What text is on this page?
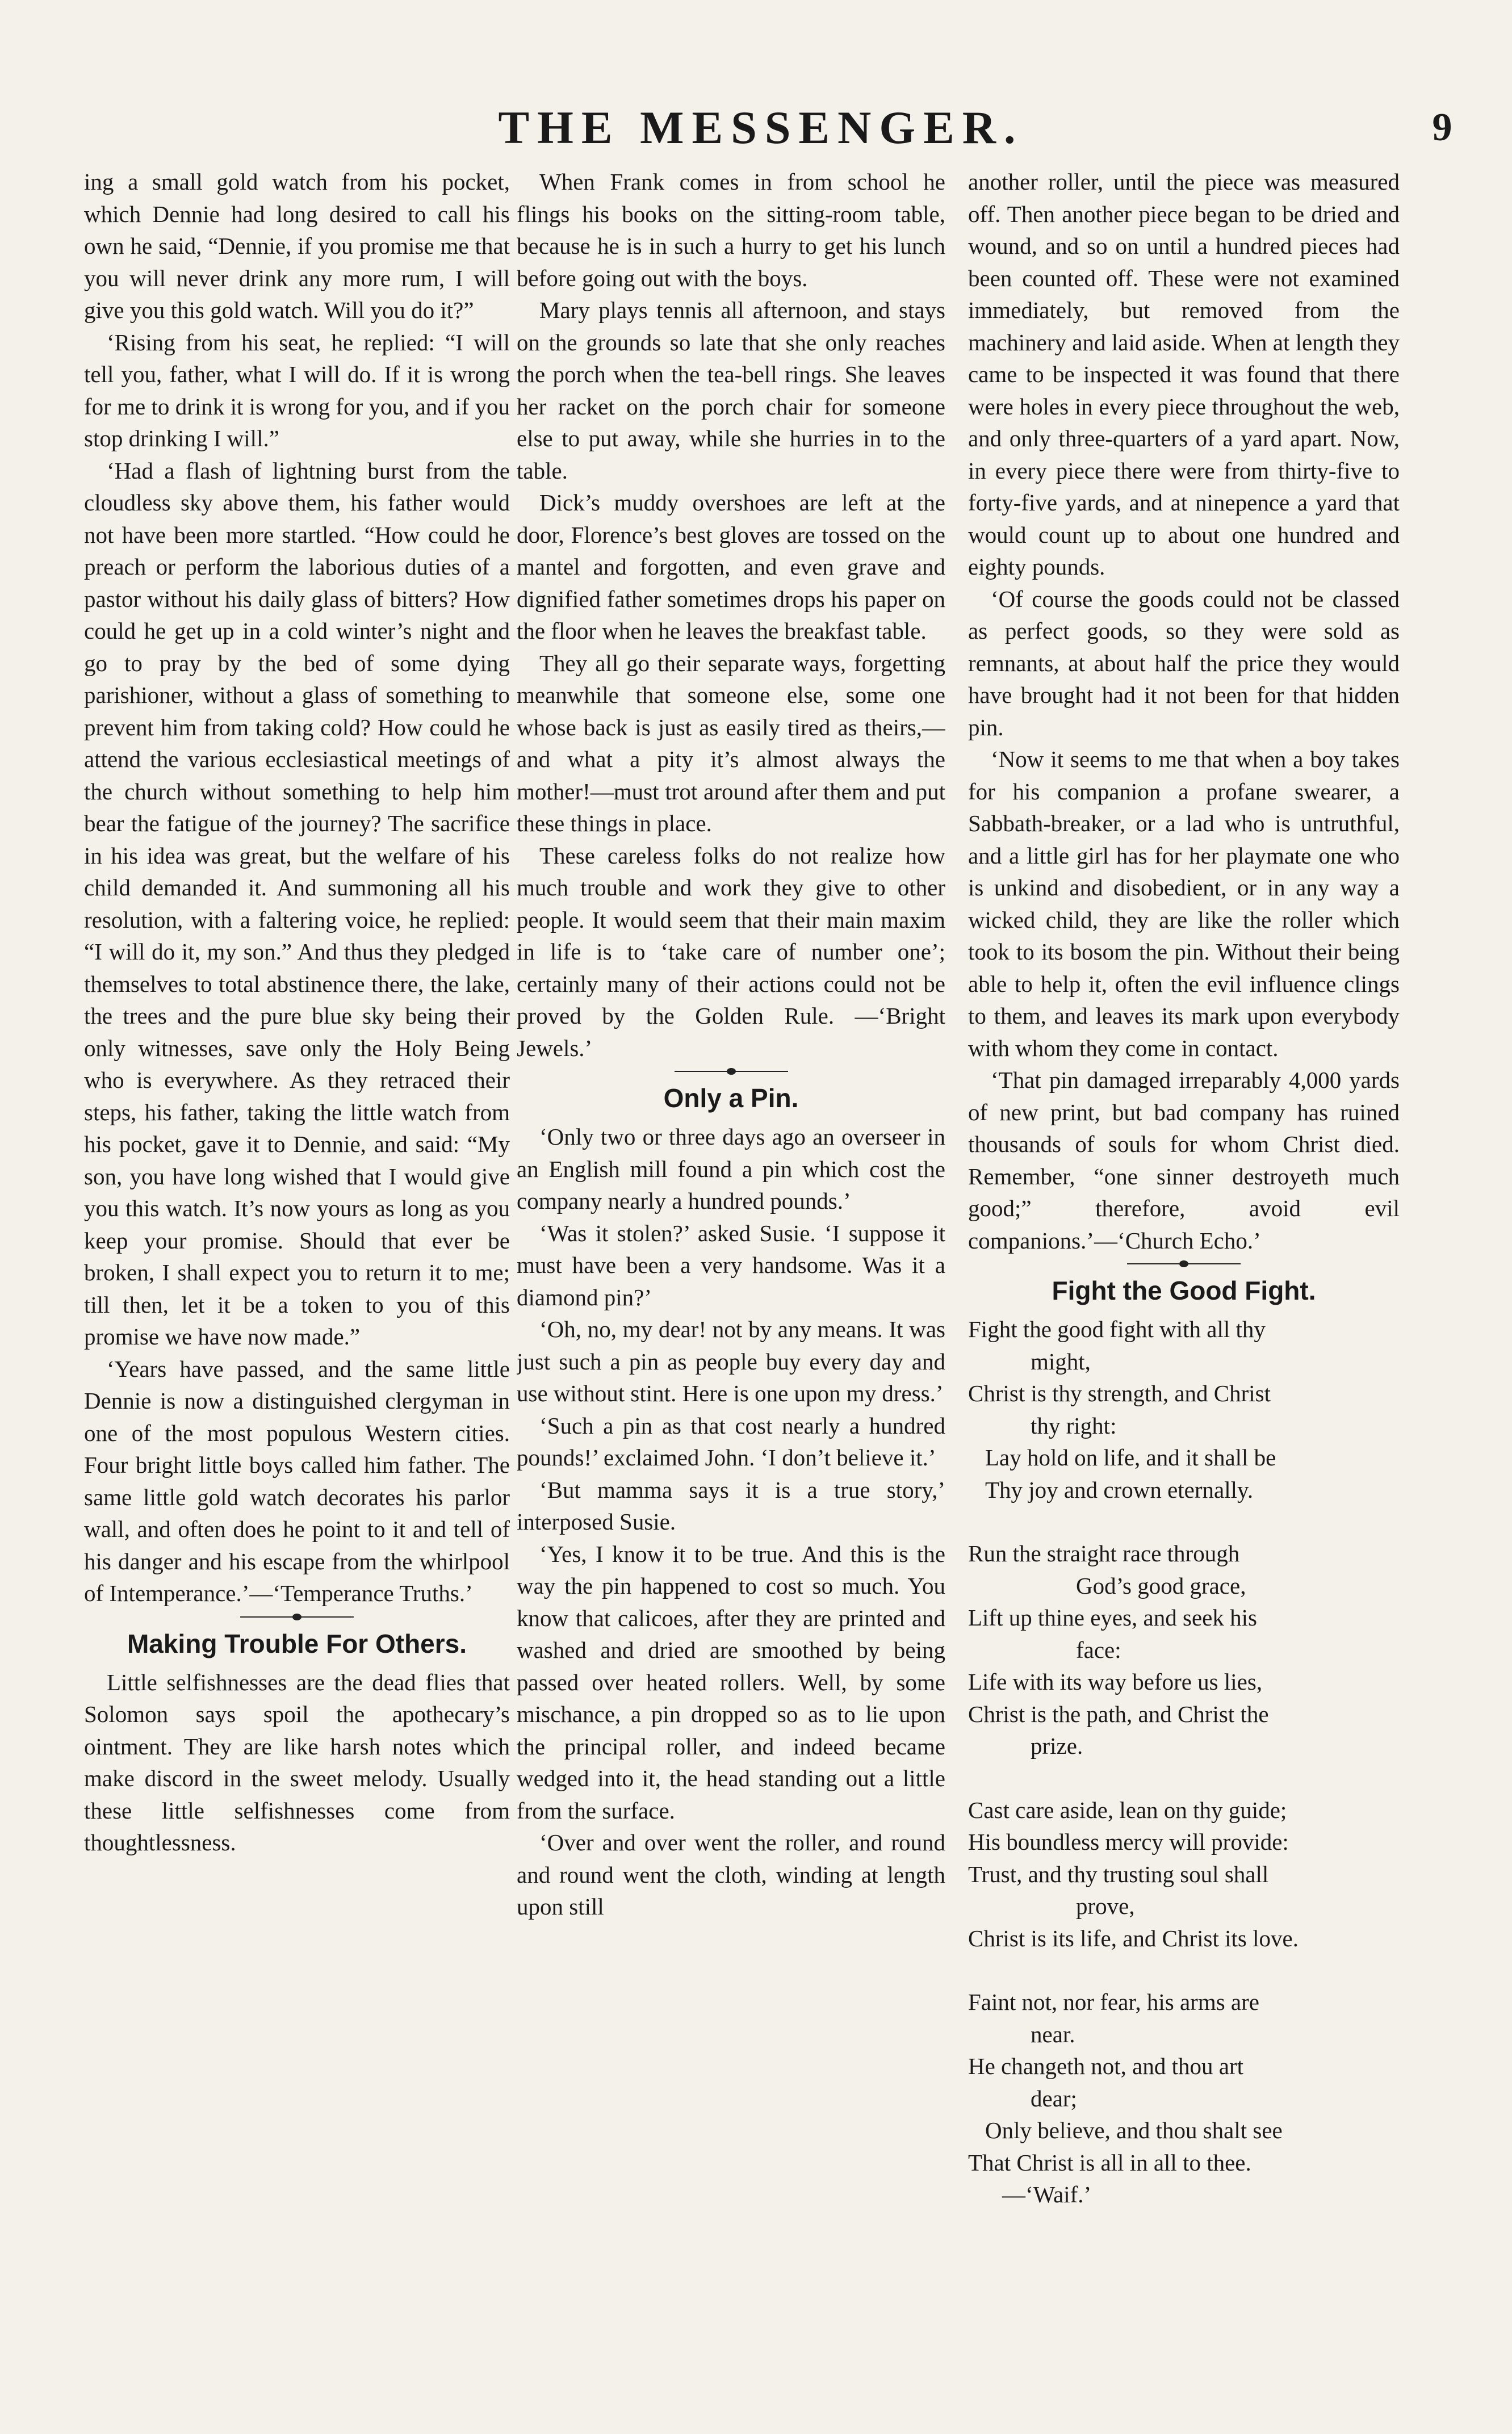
THE MESSENGER.	9

ing a small gold watch from his pocket, which Dennie had long desired to call his own he said, “Dennie, if you promise me that you will never drink any more rum, I will give you this gold watch. Will you do it?”

‘Rising from his seat, he replied: “I will tell you, father, what I will do. If it is wrong for me to drink it is wrong for you, and if you stop drinking I will.”

‘Had a flash of lightning burst from the cloudless sky above them, his father would not have been more startled. “How could he preach or perform the laborious duties of a pastor without his daily glass of bitters? How could he get up in a cold winter’s night and go to pray by the bed of some dying parishioner, without a glass of something to prevent him from taking cold? How could he attend the various ecclesiastical meetings of the church without something to help him bear the fatigue of the journey? The sacrifice in his idea was great, but the welfare of his child demanded it. And summoning all his resolution, with a faltering voice, he replied: “I will do it, my son.” And thus they pledged themselves to total abstinence there, the lake, the trees and the pure blue sky being their only witnesses, save only the Holy Being who is everywhere. As they retraced their steps, his father, taking the little watch from his pocket, gave it to Dennie, and said: “My son, you have long wished that I would give you this watch. It’s now yours as long as you keep your promise. Should that ever be broken, I shall expect you to return it to me; till then, let it be a token to you of this promise we have now made.”

‘Years have passed, and the same little Dennie is now a distinguished clergyman in one of the most populous Western cities. Four bright little boys called him father. The same little gold watch decorates his parlor wall, and often does he point to it and tell of his danger and his escape from the whirlpool of Intemperance.’—‘Temperance Truths.’

Making Trouble For Others.

Little selfishnesses are the dead flies that Solomon says spoil the apothecary’s ointment. They are like harsh notes which make discord in the sweet melody. Usually these little selfishnesses come from thoughtlessness.

When Frank comes in from school he flings his books on the sitting-room table, because he is in such a hurry to get his lunch before going out with the boys.

Mary plays tennis all afternoon, and stays on the grounds so late that she only reaches the porch when the tea-bell rings. She leaves her racket on the porch chair for someone else to put away, while she hurries in to the table.

Dick’s muddy overshoes are left at the door, Florence’s best gloves are tossed on the mantel and forgotten, and even grave and dignified father sometimes drops his paper on the floor when he leaves the breakfast table.

They all go their separate ways, forgetting meanwhile that someone else, some one whose back is just as easily tired as theirs,—and what a pity it’s almost always the mother!—must trot around after them and put these things in place.

These careless folks do not realize how much trouble and work they give to other people. It would seem that their main maxim in life is to ‘take care of number one’; certainly many of their actions could not be proved by the Golden Rule. —‘Bright Jewels.’

Only a Pin.

‘Only two or three days ago an overseer in an English mill found a pin which cost the company nearly a hundred pounds.’

‘Was it stolen?’ asked Susie. ‘I suppose it must have been a very handsome. Was it a diamond pin?’

‘Oh, no, my dear! not by any means. It was just such a pin as people buy every day and use without stint. Here is one upon my dress.’

‘Such a pin as that cost nearly a hundred pounds!’ exclaimed John. ‘I don’t believe it.’

‘But mamma says it is a true story,’ interposed Susie.

‘Yes, I know it to be true. And this is the way the pin happened to cost so much. You know that calicoes, after they are printed and washed and dried are smoothed by being passed over heated rollers. Well, by some mischance, a pin dropped so as to lie upon the principal roller, and indeed became wedged into it, the head standing out a little from the surface.

‘Over and over went the roller, and round and round went the cloth, winding at length upon still

another roller, until the piece was measured off. Then another piece began to be dried and wound, and so on until a hundred pieces had been counted off. These were not examined immediately, but removed from the machinery and laid aside. When at length they came to be inspected it was found that there were holes in every piece throughout the web, and only three-quarters of a yard apart. Now, in every piece there were from thirty-five to forty-five yards, and at ninepence a yard that would count up to about one hundred and eighty pounds.

‘Of course the goods could not be classed as perfect goods, so they were sold as remnants, at about half the price they would have brought had it not been for that hidden pin.

‘Now it seems to me that when a boy takes for his companion a profane swearer, a Sabbath-breaker, or a lad who is untruthful, and a little girl has for her playmate one who is unkind and disobedient, or in any way a wicked child, they are like the roller which took to its bosom the pin. Without their being able to help it, often the evil influence clings to them, and leaves its mark upon everybody with whom they come in contact.

‘That pin damaged irreparably 4,000 yards of new print, but bad company has ruined thousands of souls for whom Christ died. Remember, “one sinner destroyeth much good;” therefore, avoid evil companions.’—‘Church Echo.’

Fight the Good Fight.

Fight the good fight with all thy

might,

Christ is thy strength, and Christ

thy right:

Lay hold on life, and it shall be

Thy joy and crown eternally.

Run the straight race through

God’s good grace,

Lift up thine eyes, and seek his

face:

Life with its way before us lies,

Christ is the path, and Christ the

prize.

Cast care aside, lean on thy guide;

His boundless mercy will provide:

Trust, and thy trusting soul shall

prove,

Christ is its life, and Christ its love.

Faint not, nor fear, his arms are

near.

He changeth not, and thou art

dear;

Only believe, and thou shalt see

That Christ is all in all to thee.

—‘Waif.’
